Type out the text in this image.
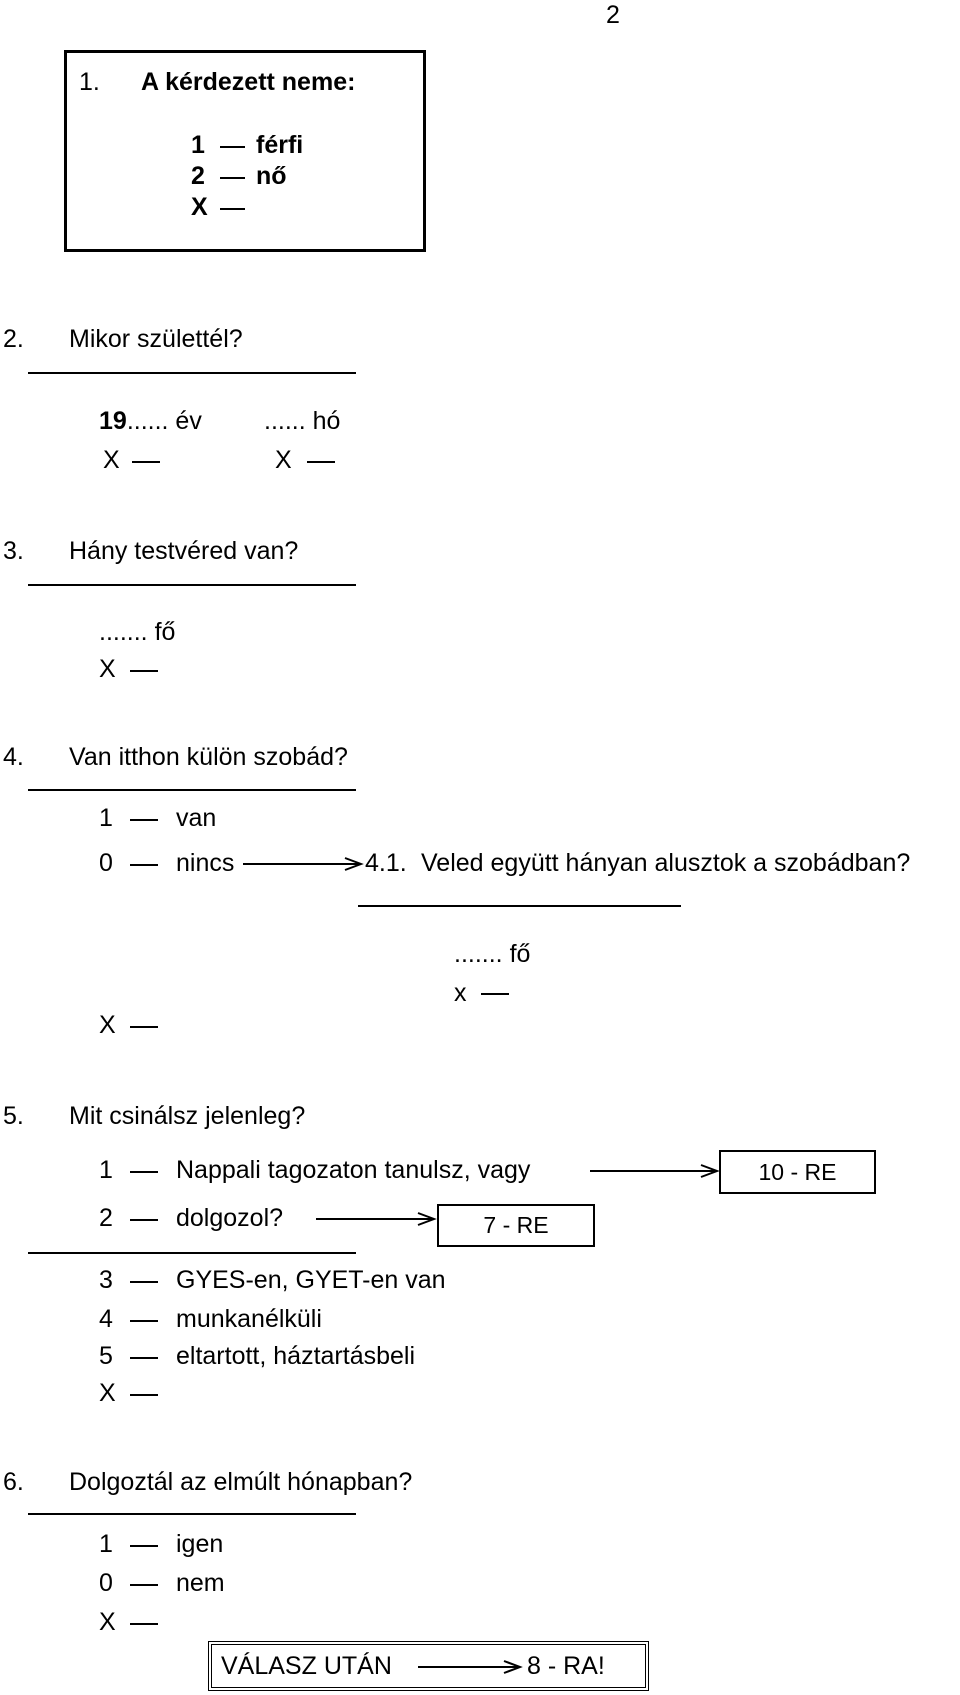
2
1. A kérdezett neme:
1 férfi
2 nő
X
2. Mikor születtél?
19...... év ...... hó
X	X
3. Hány testvéred van?
....... fő
X
4. Van itthon külön szobád?
1	van
0	nincs	4.1. Veled együtt hányan alusztok a szobádban?
....... fő
x
X
5. Mit csinálsz jelenleg?
1	Nappali tagozaton tanulsz, vagy	10 - RE
2	dolgozol?	7 - RE
3	GYES-en, GYET-en van
4	munkanélküli
5	eltartott, háztartásbeli
X
6. Dolgoztál az elmúlt hónapban?
1	igen
0	nem
X
VÁLASZ UTÁN	8 - RA!
